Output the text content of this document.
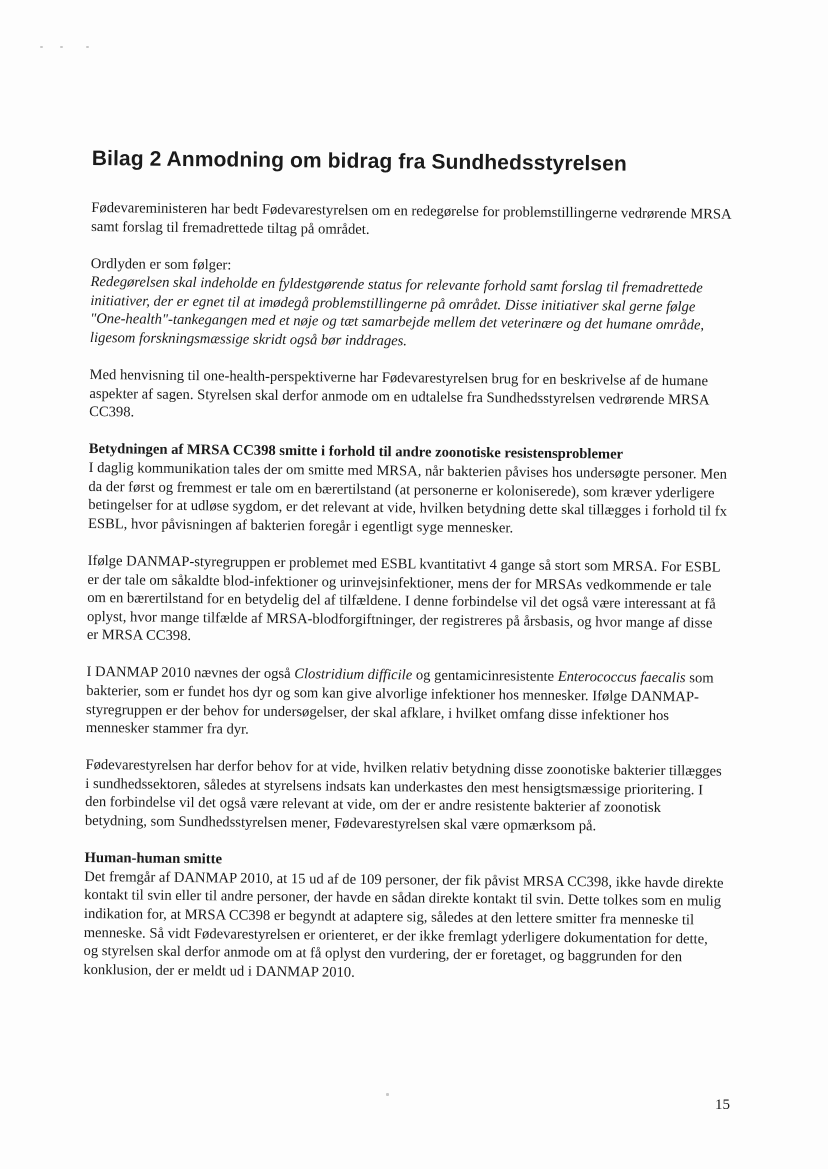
Bilag 2 Anmodning om bidrag fra Sundhedsstyrelsen

Fødevareministeren har bedt Fødevarestyrelsen om en redegørelse for problemstillingerne vedrørende MRSA samt forslag til fremadrettede tiltag på området.

Ordlyden er som følger:
Redegørelsen skal indeholde en fyldestgørende status for relevante forhold samt forslag til fremadrettede initiativer, der er egnet til at imødegå problemstillingerne på området. Disse initiativer skal gerne følge "One-health"-tankegangen med et nøje og tæt samarbejde mellem det veterinære og det humane område, ligesom forskningsmæssige skridt også bør inddrages.

Med henvisning til one-health-perspektiverne har Fødevarestyrelsen brug for en beskrivelse af de humane aspekter af sagen. Styrelsen skal derfor anmode om en udtalelse fra Sundhedsstyrelsen vedrørende MRSA CC398.

Betydningen af MRSA CC398 smitte i forhold til andre zoonotiske resistensproblemer
I daglig kommunikation tales der om smitte med MRSA, når bakterien påvises hos undersøgte personer. Men da der først og fremmest er tale om en bærertilstand (at personerne er koloniserede), som kræver yderligere betingelser for at udløse sygdom, er det relevant at vide, hvilken betydning dette skal tillægges i forhold til fx ESBL, hvor påvisningen af bakterien foregår i egentligt syge mennesker.

Ifølge DANMAP-styregruppen er problemet med ESBL kvantitativt 4 gange så stort som MRSA. For ESBL er der tale om såkaldte blod-infektioner og urinvejsinfektioner, mens der for MRSAs vedkommende er tale om en bærertilstand for en betydelig del af tilfældene. I denne forbindelse vil det også være interessant at få oplyst, hvor mange tilfælde af MRSA-blodforgiftninger, der registreres på årsbasis, og hvor mange af disse er MRSA CC398.

I DANMAP 2010 nævnes der også Clostridium difficile og gentamicinresistente Enterococcus faecalis som bakterier, som er fundet hos dyr og som kan give alvorlige infektioner hos mennesker. Ifølge DANMAP-styregruppen er der behov for undersøgelser, der skal afklare, i hvilket omfang disse infektioner hos mennesker stammer fra dyr.

Fødevarestyrelsen har derfor behov for at vide, hvilken relativ betydning disse zoonotiske bakterier tillægges i sundhedssektoren, således at styrelsens indsats kan underkastes den mest hensigtsmæssige prioritering. I den forbindelse vil det også være relevant at vide, om der er andre resistente bakterier af zoonotisk betydning, som Sundhedsstyrelsen mener, Fødevarestyrelsen skal være opmærksom på.

Human-human smitte
Det fremgår af DANMAP 2010, at 15 ud af de 109 personer, der fik påvist MRSA CC398, ikke havde direkte kontakt til svin eller til andre personer, der havde en sådan direkte kontakt til svin. Dette tolkes som en mulig indikation for, at MRSA CC398 er begyndt at adaptere sig, således at den lettere smitter fra menneske til menneske. Så vidt Fødevarestyrelsen er orienteret, er der ikke fremlagt yderligere dokumentation for dette, og styrelsen skal derfor anmode om at få oplyst den vurdering, der er foretaget, og baggrunden for den konklusion, der er meldt ud i DANMAP 2010.

15
